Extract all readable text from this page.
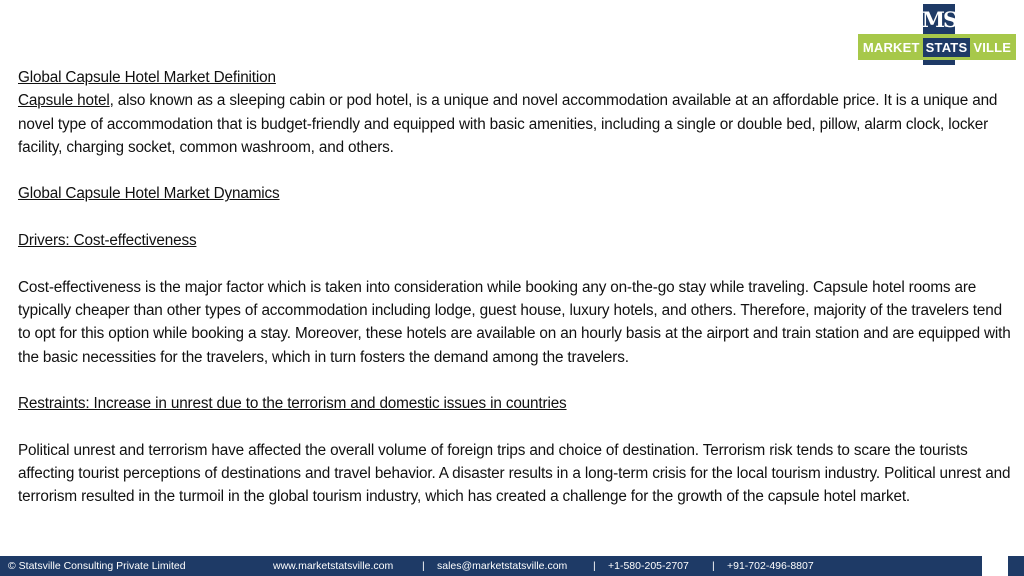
MS
MARKET STATS VILLE

Global Capsule Hotel Market Definition

Capsule hotel, also known as a sleeping cabin or pod hotel, is a unique and novel accommodation available at an affordable price. It is a unique and novel type of accommodation that is budget-friendly and equipped with basic amenities, including a single or double bed, pillow, alarm clock, locker facility, charging socket, common washroom, and others.

Global Capsule Hotel Market Dynamics

Drivers: Cost-effectiveness

Cost-effectiveness is the major factor which is taken into consideration while booking any on-the-go stay while traveling. Capsule hotel rooms are typically cheaper than other types of accommodation including lodge, guest house, luxury hotels, and others. Therefore, majority of the travelers tend to opt for this option while booking a stay. Moreover, these hotels are available on an hourly basis at the airport and train station and are equipped with the basic necessities for the travelers, which in turn fosters the demand among the travelers.

Restraints: Increase in unrest due to the terrorism and domestic issues in countries

Political unrest and terrorism have affected the overall volume of foreign trips and choice of destination. Terrorism risk tends to scare the tourists affecting tourist perceptions of destinations and travel behavior. A disaster results in a long-term crisis for the local tourism industry. Political unrest and terrorism resulted in the turmoil in the global tourism industry, which has created a challenge for the growth of the capsule hotel market.

© Statsville Consulting Private Limited	www.marketstatsville.com	| sales@marketstatsville.com | +1-580-205-2707 | +91-702-496-8807
